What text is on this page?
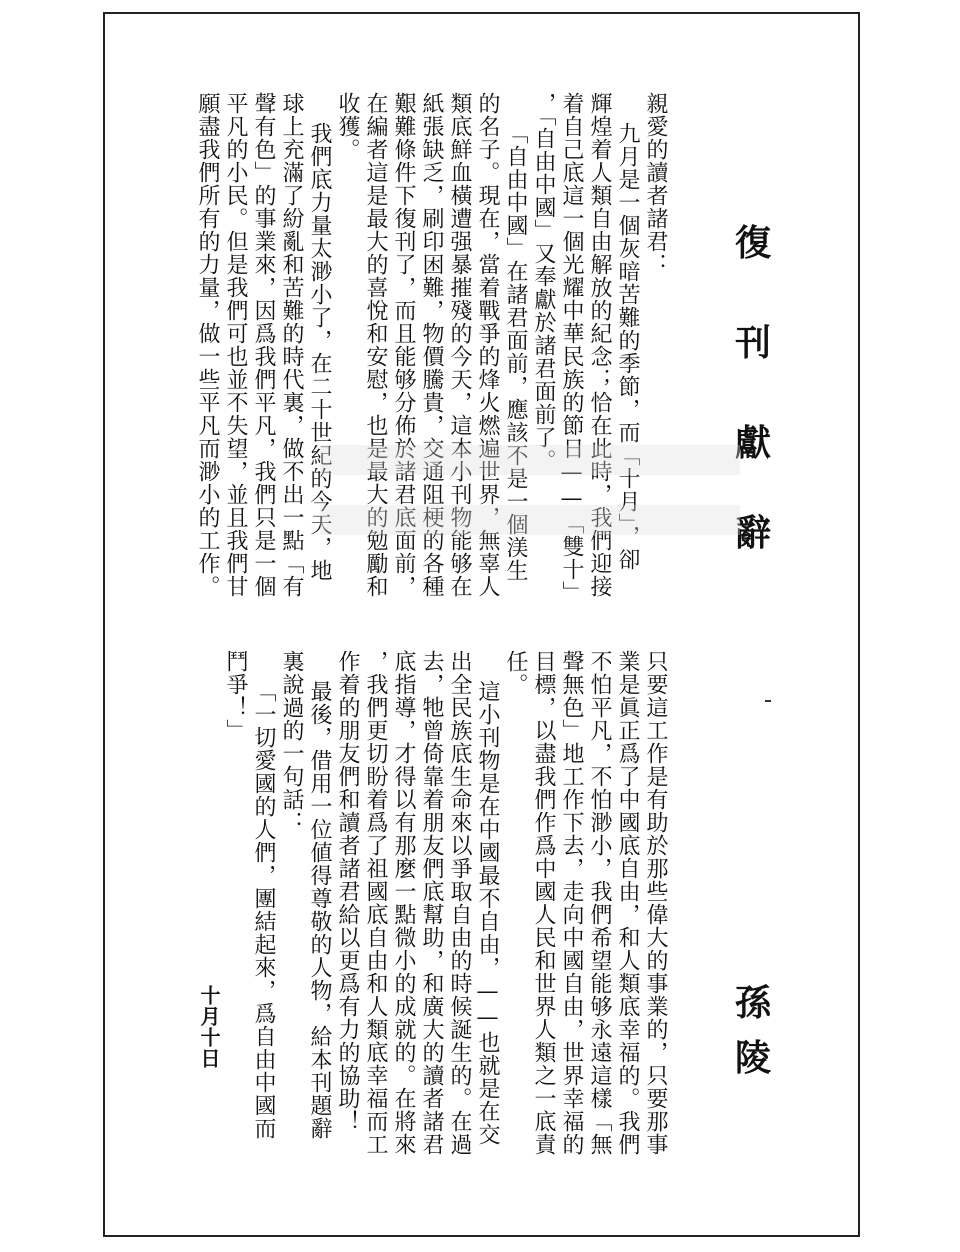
復
刊
獻
辭
孫
陵
親愛的讀者諸君：
九月是一個灰暗苦難的季節，而「十月」，卻
輝煌着人類自由解放的紀念；恰在此時，我們迎接
着自己底這一個光耀中華民族的節日——「雙十」
，「自由中國」又奉獻於諸君面前了。
「自由中國」在諸君面前，應該不是一個渼生
的名子。現在，當着戰爭的烽火燃遍世界，無辜人
類底鮮血橫遭强暴摧殘的今天，這本小刊物能够在
紙張缺乏，刷印困難，物價騰貴，交通阻梗的各種
艱難條件下復刊了，而且能够分佈於諸君底面前，
在編者這是最大的喜悅和安慰，也是最大的勉勵和
收獲。
我們底力量太渺小了，在二十世紀的今天，地
球上充滿了紛亂和苦難的時代裏，做不出一點「有
聲有色」的事業來，因爲我們平凡，我們只是一個
平凡的小民。但是我們可也並不失望，並且我們甘
願盡我們所有的力量，做一些平凡而渺小的工作。
只要這工作是有助於那些偉大的事業的，只要那事
業是眞正爲了中國底自由，和人類底幸福的。我們
不怕平凡，不怕渺小，我們希望能够永遠這樣「無
聲無色」地工作下去，走向中國自由，世界幸福的
目標，以盡我們作爲中國人民和世界人類之一底責
任。
這小刊物是在中國最不自由，——也就是在交
出全民族底生命來以爭取自由的時候誕生的。在過
去，牠曾倚靠着朋友們底幫助，和廣大的讀者諸君
底指導，才得以有那麼一點微小的成就的。在將來
，我們更切盼着爲了祖國底自由和人類底幸福而工
作着的朋友們和讀者諸君給以更爲有力的協助！
最後，借用一位値得尊敬的人物，給本刊題辭
裏說過的一句話：
「一切愛國的人們，團結起來，爲自由中國而
鬥爭！」
十月十日
